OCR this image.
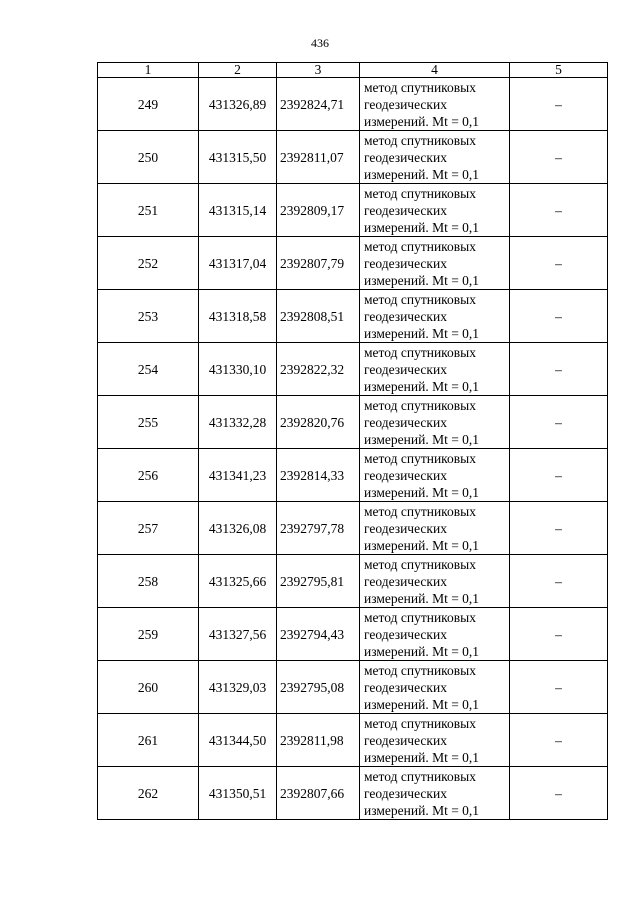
436
1	2	3	4	5
249	431326,89	2392824,71	метод спутниковых
геодезических
измерений. Mt = 0,1	–
250	431315,50	2392811,07	метод спутниковых
геодезических
измерений. Mt = 0,1	–
251	431315,14	2392809,17	метод спутниковых
геодезических
измерений. Mt = 0,1	–
252	431317,04	2392807,79	метод спутниковых
геодезических
измерений. Mt = 0,1	–
253	431318,58	2392808,51	метод спутниковых
геодезических
измерений. Mt = 0,1	–
254	431330,10	2392822,32	метод спутниковых
геодезических
измерений. Mt = 0,1	–
255	431332,28	2392820,76	метод спутниковых
геодезических
измерений. Mt = 0,1	–
256	431341,23	2392814,33	метод спутниковых
геодезических
измерений. Mt = 0,1	–
257	431326,08	2392797,78	метод спутниковых
геодезических
измерений. Mt = 0,1	–
258	431325,66	2392795,81	метод спутниковых
геодезических
измерений. Mt = 0,1	–
259	431327,56	2392794,43	метод спутниковых
геодезических
измерений. Mt = 0,1	–
260	431329,03	2392795,08	метод спутниковых
геодезических
измерений. Mt = 0,1	–
261	431344,50	2392811,98	метод спутниковых
геодезических
измерений. Mt = 0,1	–
262	431350,51	2392807,66	метод спутниковых
геодезических
измерений. Mt = 0,1	–
